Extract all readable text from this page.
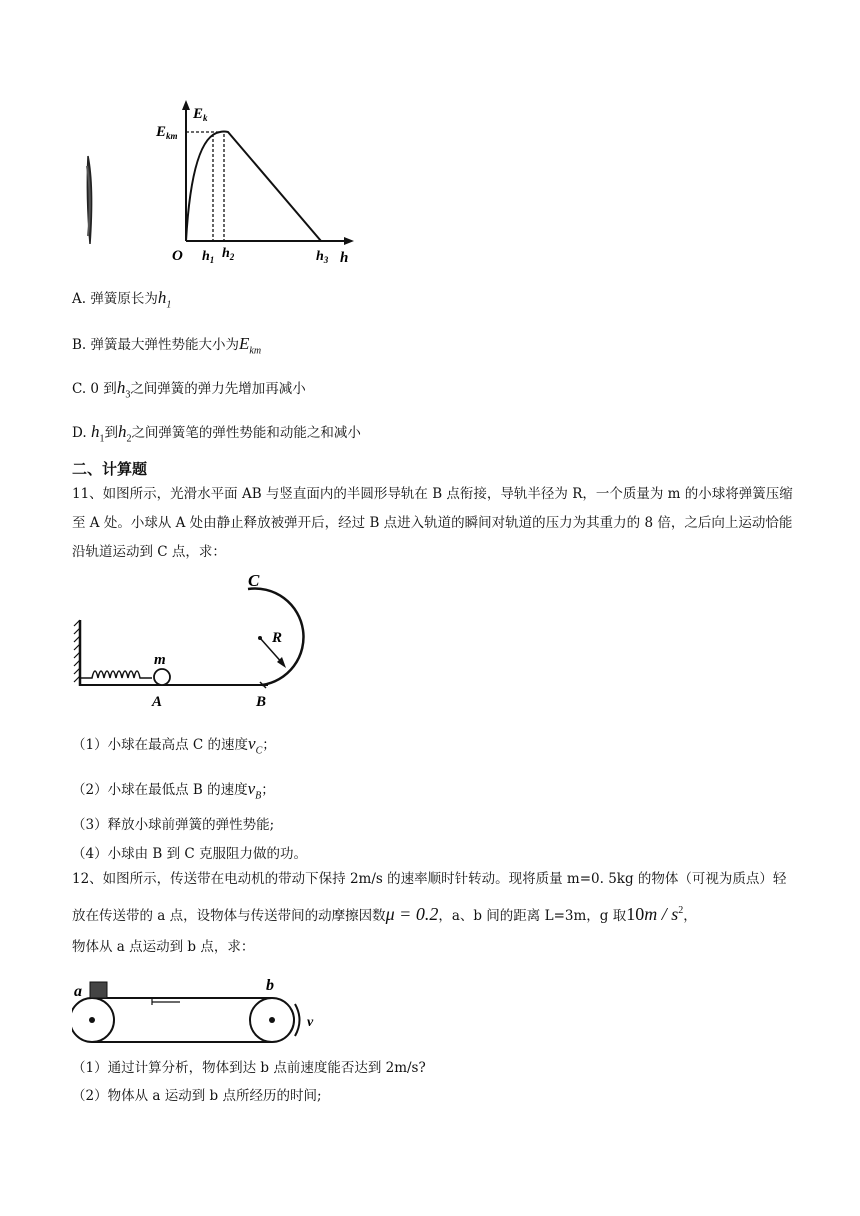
$E_k$
$E_{km}$
O $h_1$ $h_2$	$h_3$ h
A. 弹簧原长为$h_1$
B. 弹簧最大弹性势能大小为$E_{km}$
C. 0 到$h_3$之间弹簧的弹力先增加再减小
D. $h_1$到$h_2$之间弹簧笔的弹性势能和动能之和减小
二、计算题
11、如图所示，光滑水平面 AB 与竖直面内的半圆形导轨在 B 点衔接，导轨半径为 R，一个质量为 m 的小球将弹簧压缩至 A 处。小球从 A 处由静止释放被弹开后，经过 B 点进入轨道的瞬间对轨道的压力为其重力的 8 倍，之后向上运动恰能沿轨道运动到 C 点，求：
C
R
m
A	B
（1）小球在最高点 C 的速度$v_C$；
（2）小球在最低点 B 的速度$v_B$；
（3）释放小球前弹簧的弹性势能;
（4）小球由 B 到 C 克服阻力做的功。
12、如图所示，传送带在电动机的带动下保持 2m/s 的速率顺时针转动。现将质量 m=0. 5kg 的物体（可视为质点）轻放在传送带的 a 点，设物体与传送带间的动摩擦因数μ = 0.2，a、b 间的距离 L=3m，g 取$10m / s^2$，
物体从 a 点运动到 b 点，求：
a	b
v
（1）通过计算分析，物体到达 b 点前速度能否达到 2m/s?
（2）物体从 a 运动到 b 点所经历的时间;
